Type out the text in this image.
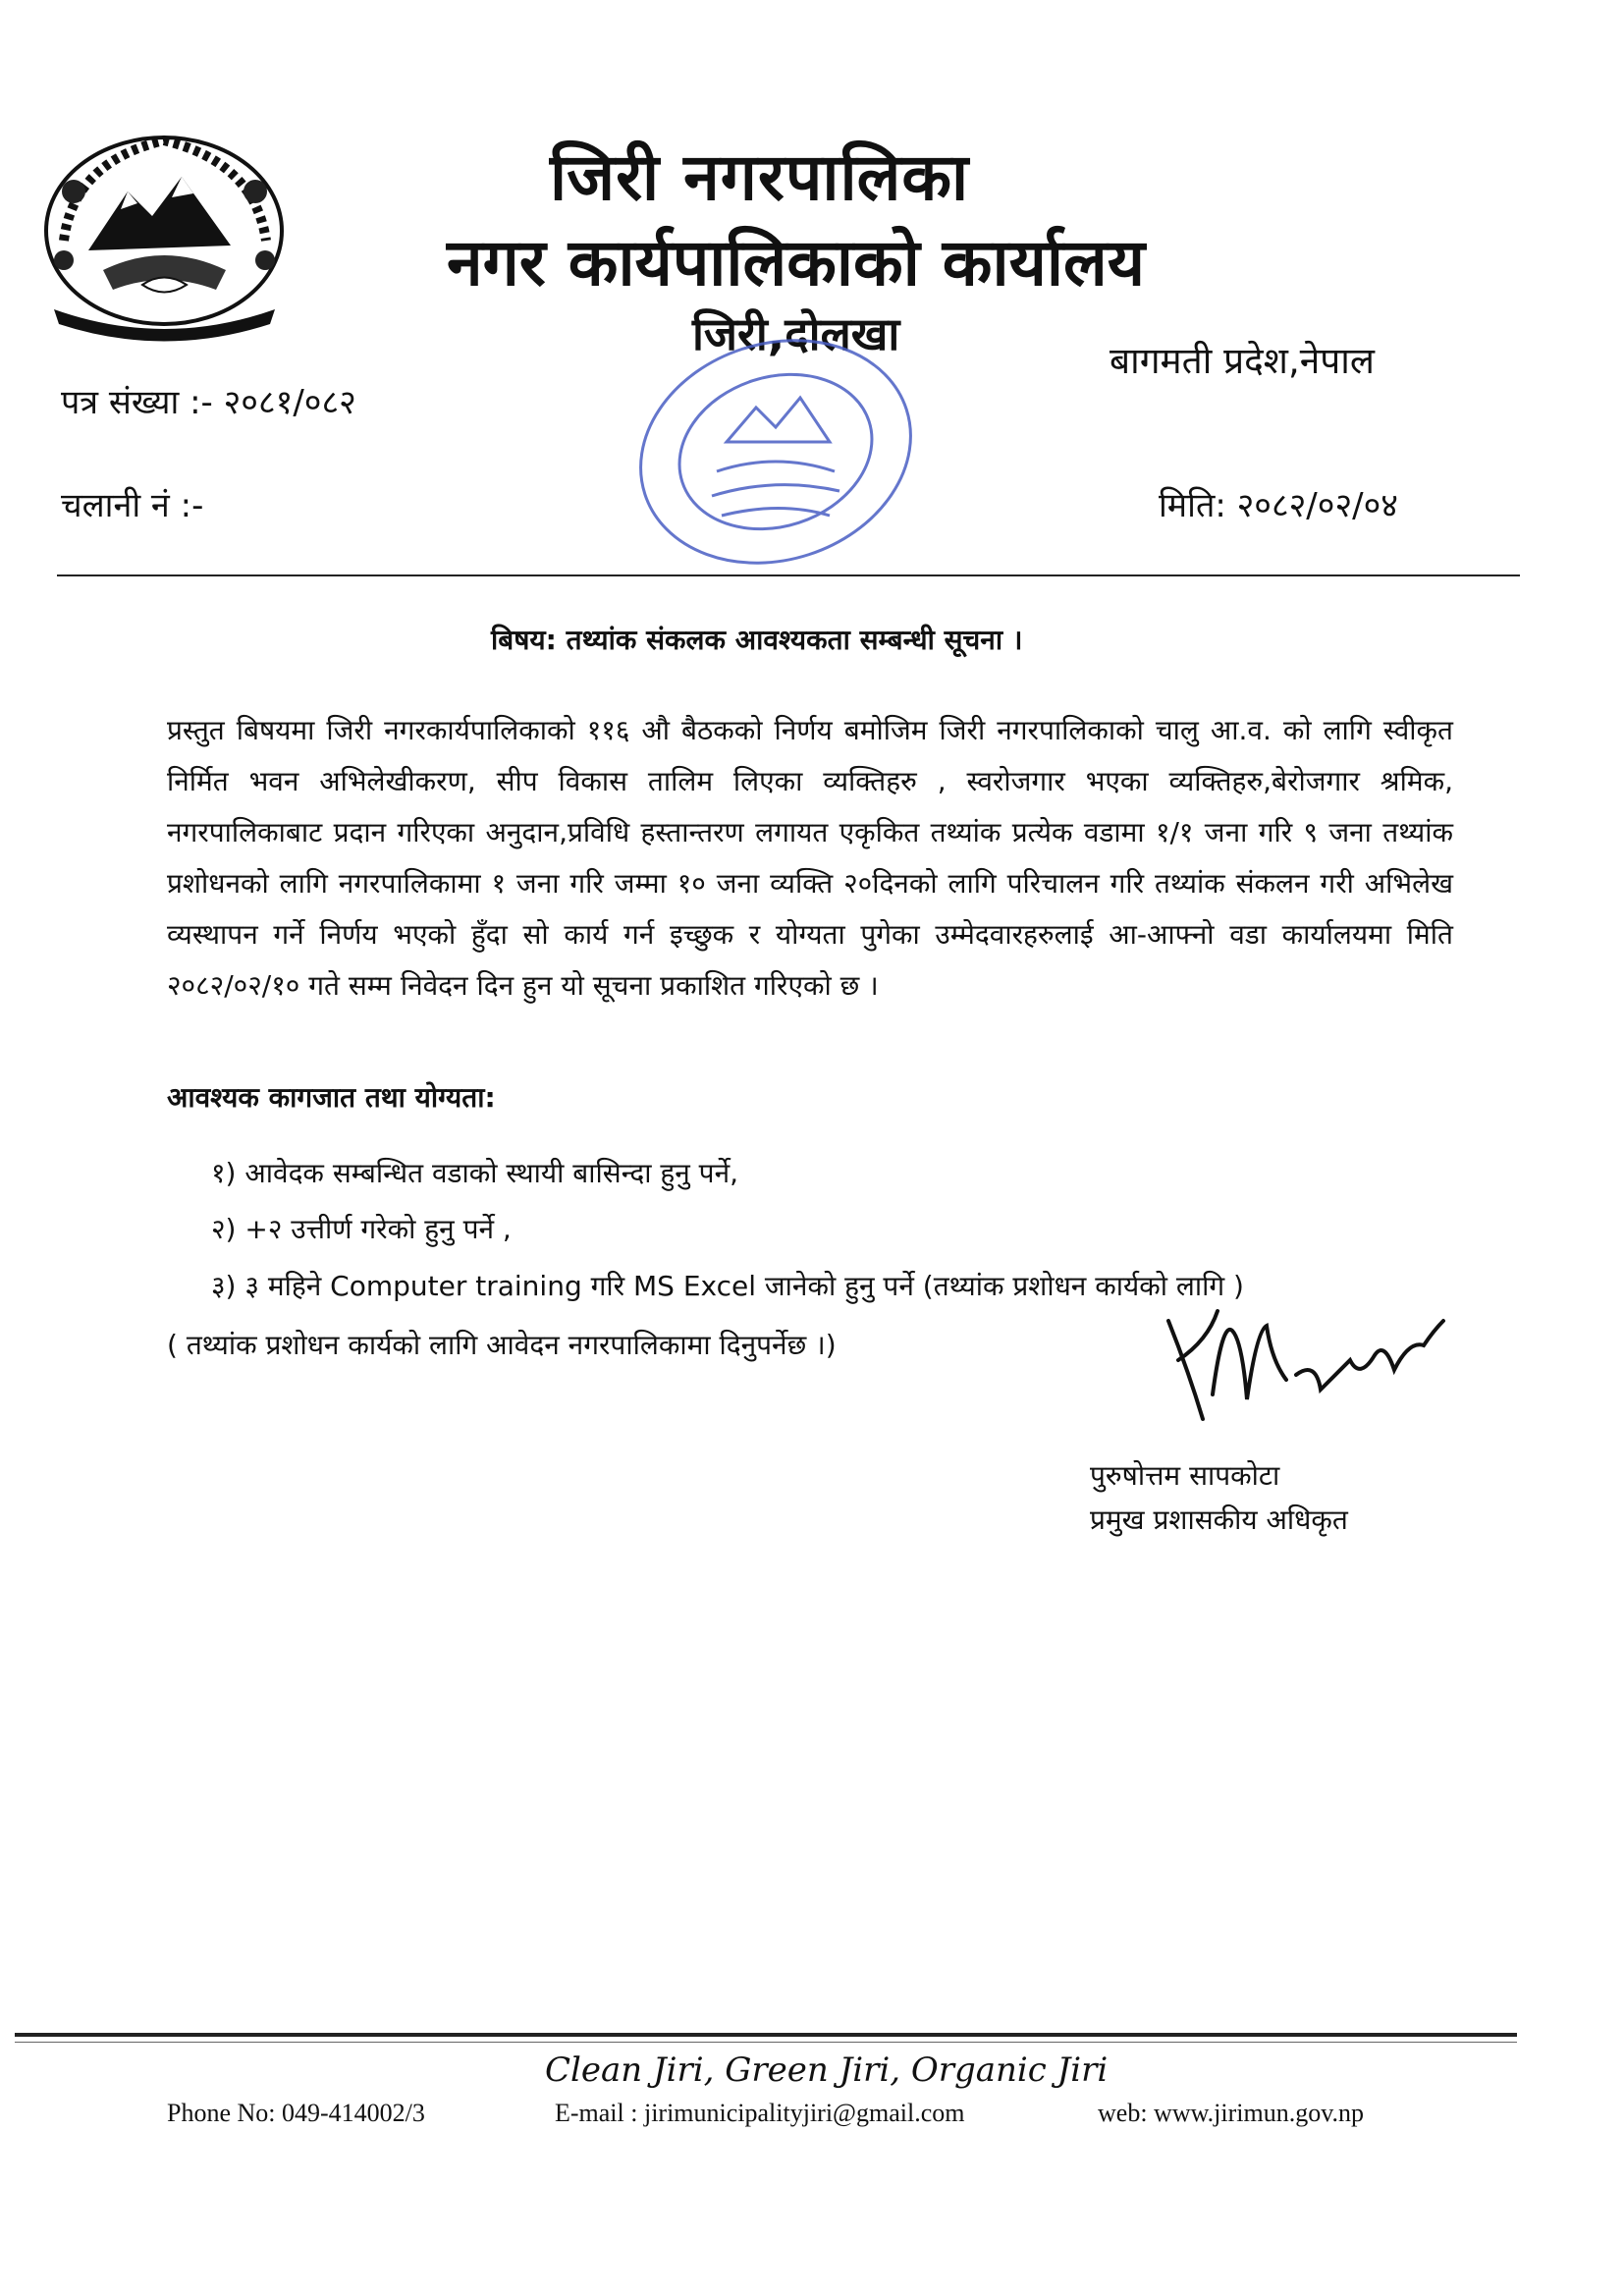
जिरी नगरपालिका
नगर कार्यपालिकाको कार्यालय
जिरी,दोलखा
बागमती प्रदेश,नेपाल
पत्र संख्या :- २०८१/०८२
चलानी नं :-	मिति: २०८२/०२/०४
बिषय: तथ्यांक संकलक आवश्यकता सम्बन्धी सूचना ।
प्रस्तुत बिषयमा जिरी नगरकार्यपालिकाको ११६ औ बैठकको निर्णय बमोजिम जिरी नगरपालिकाको चालु आ.व. को लागि स्वीकृत निर्मित भवन अभिलेखीकरण, सीप विकास तालिम लिएका व्यक्तिहरु , स्वरोजगार भएका व्यक्तिहरु,बेरोजगार श्रमिक, नगरपालिकाबाट प्रदान गरिएका अनुदान,प्रविधि हस्तान्तरण लगायत एकृकित तथ्यांक प्रत्येक वडामा १/१ जना गरि ९ जना तथ्यांक प्रशोधनको लागि नगरपालिकामा १ जना गरि जम्मा १० जना व्यक्ति २०दिनको लागि परिचालन गरि तथ्यांक संकलन गरी अभिलेख व्यस्थापन गर्ने निर्णय भएको हुँदा सो कार्य गर्न इच्छुक र योग्यता पुगेका उम्मेदवारहरुलाई आ-आफ्नो वडा कार्यालयमा मिति २०८२/०२/१० गते सम्म निवेदन दिन हुन यो सूचना प्रकाशित गरिएको छ ।
आवश्यक कागजात तथा योग्यता:
१) आवेदक सम्बन्धित वडाको स्थायी बासिन्दा हुनु पर्ने,
२) +२ उत्तीर्ण गरेको हुनु पर्ने ,
३) ३ महिने Computer training गरि MS Excel जानेको हुनु पर्ने (तथ्यांक प्रशोधन कार्यको लागि )
( तथ्यांक प्रशोधन कार्यको लागि आवेदन नगरपालिकामा दिनुपर्नेछ ।)
पुरुषोत्तम सापकोटा
प्रमुख प्रशासकीय अधिकृत
Clean Jiri, Green Jiri, Organic Jiri
Phone No: 049-414002/3	E-mail : jirimunicipalityjiri@gmail.com	web: www.jirimun.gov.np
